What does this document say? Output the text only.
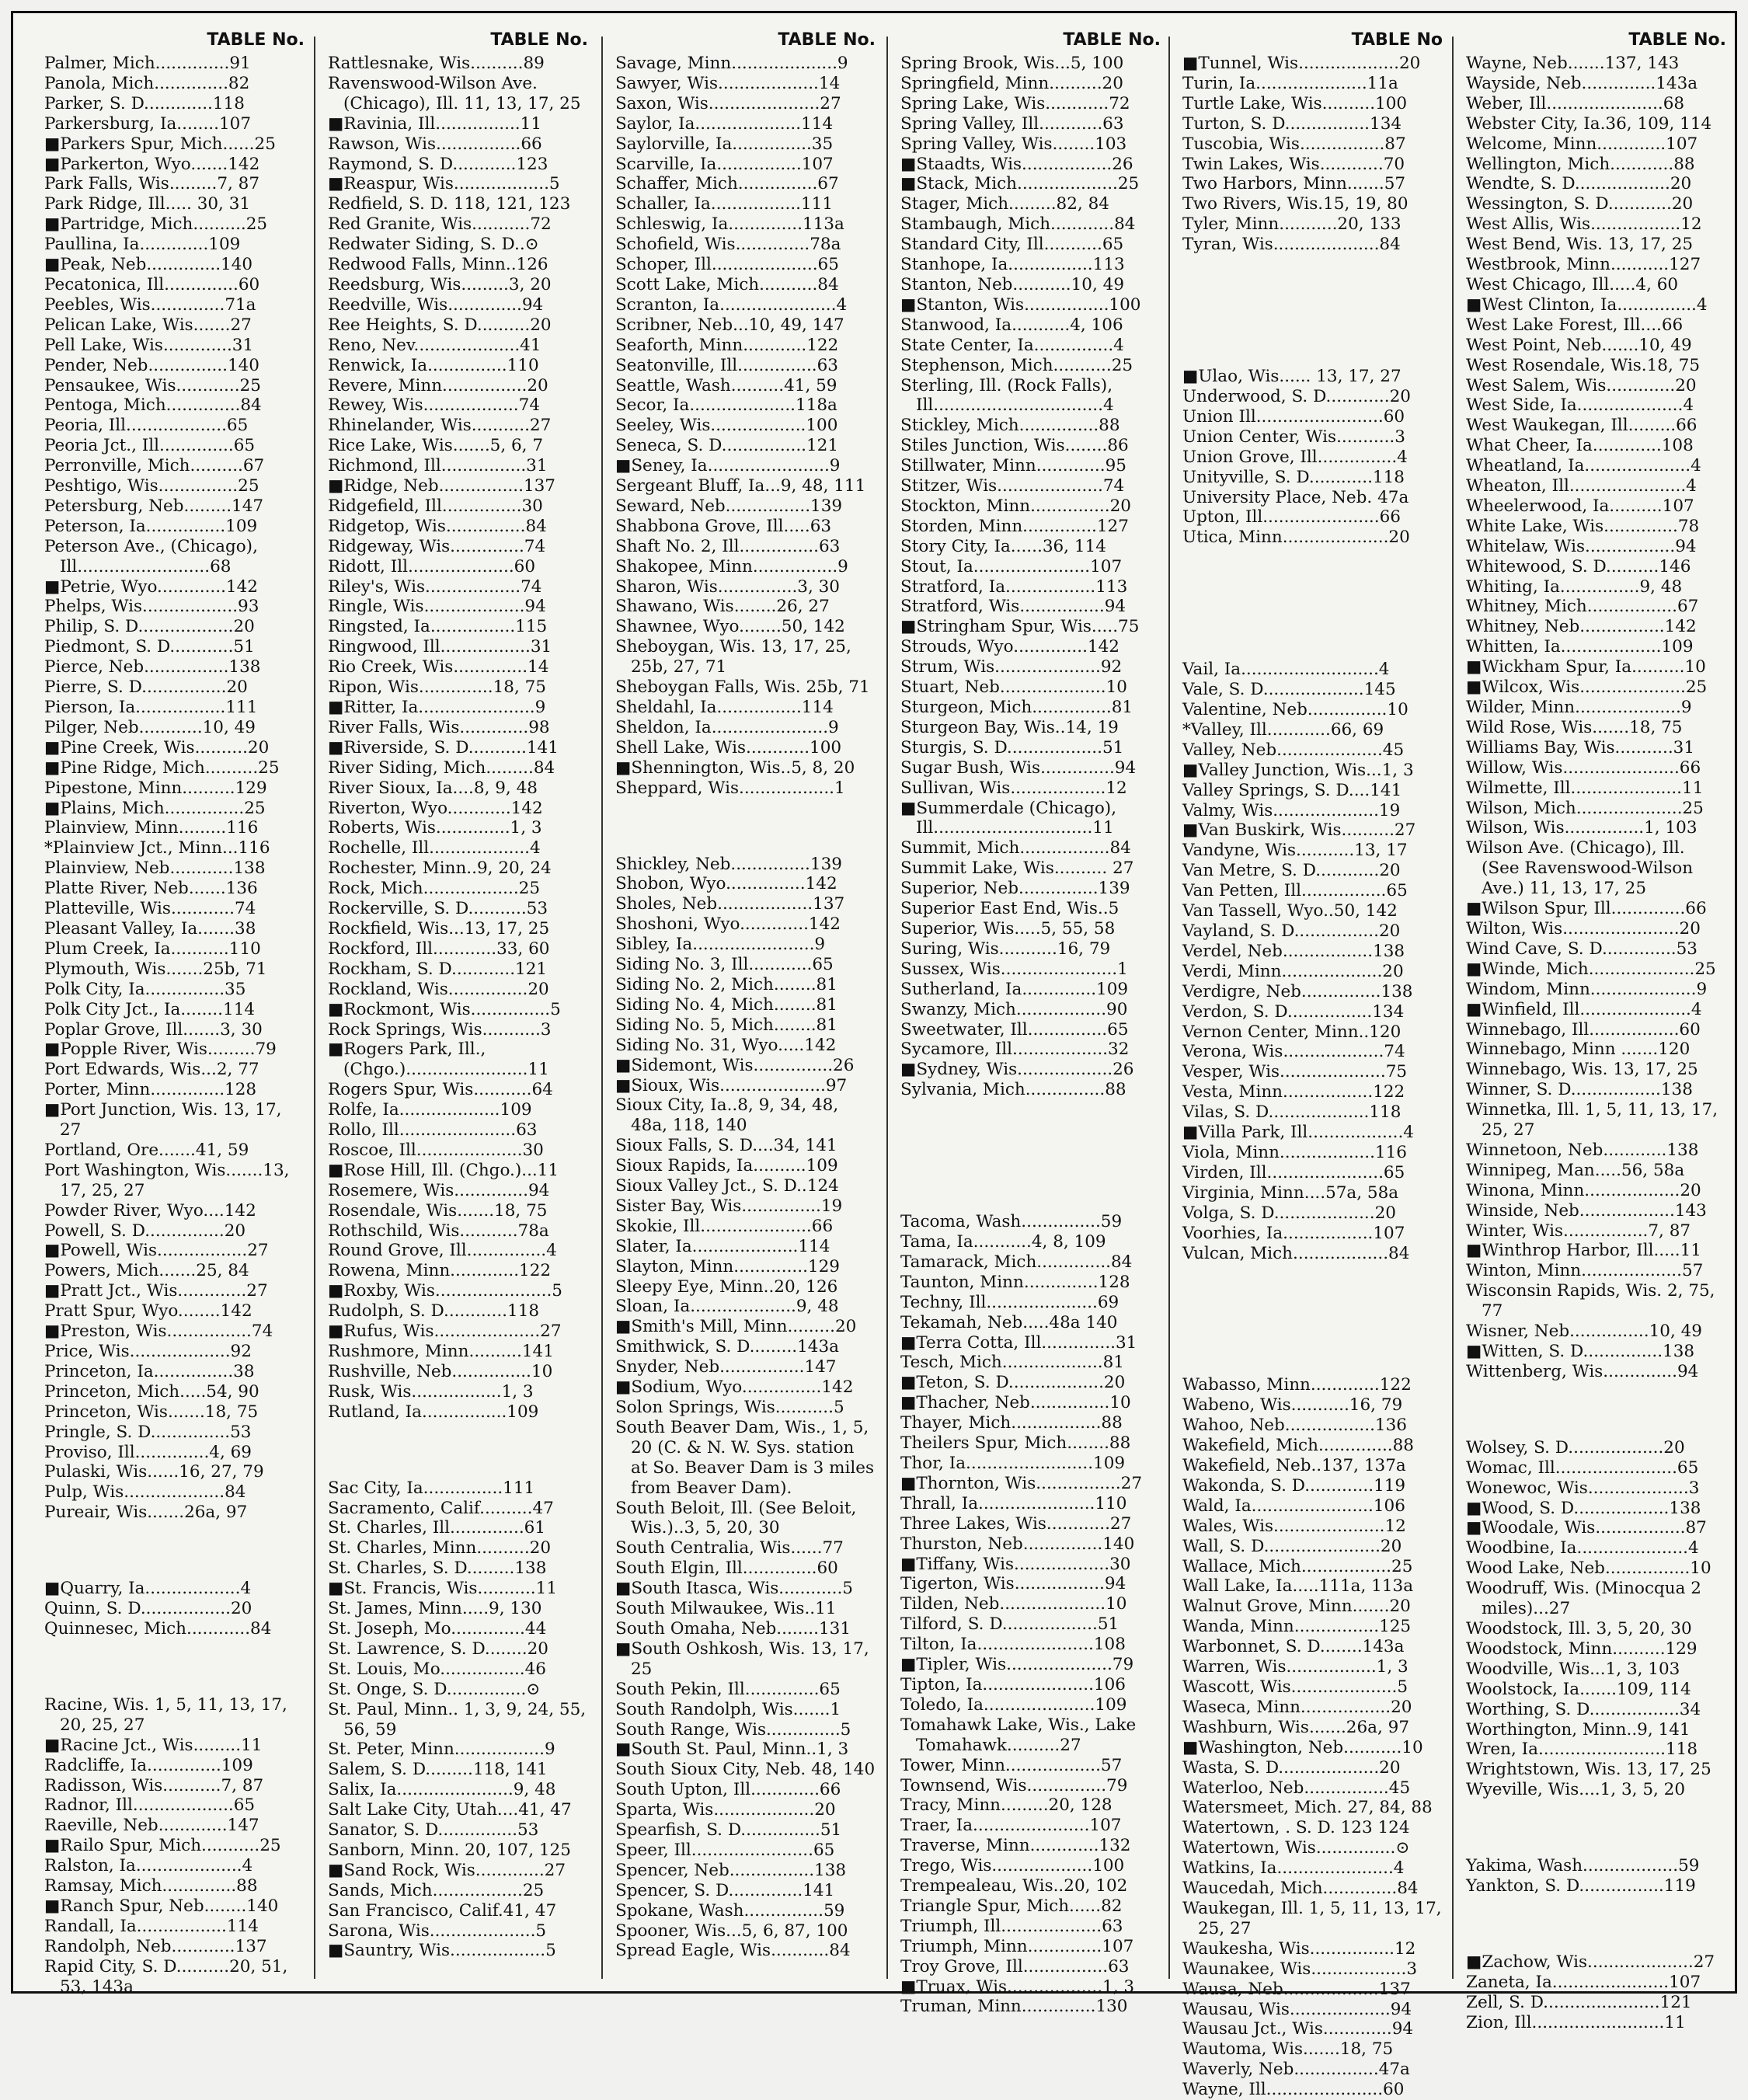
TABLE No.
Palmer, Mich..............91
Panola, Mich..............82
Parker, S. D.............118
Parkersburg, Ia........107
■Parkers Spur, Mich......25
■Parkerton, Wyo.......142
Park Falls, Wis.........7, 87
Park Ridge, Ill..... 30, 31
■Partridge, Mich..........25
Paullina, Ia.............109
■Peak, Neb..............140
Pecatonica, Ill..............60
Peebles, Wis..............71a
Pelican Lake, Wis.......27
Pell Lake, Wis.............31
Pender, Neb...............140
Pensaukee, Wis............25
Pentoga, Mich..............84
Peoria, Ill...................65
Peoria Jct., Ill..............65
Perronville, Mich..........67
Peshtigo, Wis...............25
Petersburg, Neb.........147
Peterson, Ia...............109
Peterson Ave., (Chicago), Ill.........................68
■Petrie, Wyo.............142
Phelps, Wis..................93
Philip, S. D..................20
Piedmont, S. D............51
Pierce, Neb................138
Pierre, S. D................20
Pierson, Ia.................111
Pilger, Neb............10, 49
■Pine Creek, Wis..........20
■Pine Ridge, Mich..........25
Pipestone, Minn..........129
■Plains, Mich...............25
Plainview, Minn.........116
*Plainview Jct., Minn...116
Plainview, Neb............138
Platte River, Neb.......136
Platteville, Wis............74
Pleasant Valley, Ia.......38
Plum Creek, Ia...........110
Plymouth, Wis.......25b, 71
Polk City, Ia...............35
Polk City Jct., Ia........114
Poplar Grove, Ill.......3, 30
■Popple River, Wis.........79
Port Edwards, Wis...2, 77
Porter, Minn..............128
■Port Junction, Wis. 13, 17, 27
Portland, Ore.......41, 59
Port Washington, Wis.......13, 17, 25, 27
Powder River, Wyo....142
Powell, S. D...............20
■Powell, Wis.................27
Powers, Mich.......25, 84
■Pratt Jct., Wis.............27
Pratt Spur, Wyo........142
■Preston, Wis................74
Price, Wis...................92
Princeton, Ia...............38
Princeton, Mich.....54, 90
Princeton, Wis.......18, 75
Pringle, S. D...............53
Proviso, Ill..............4, 69
Pulaski, Wis......16, 27, 79
Pulp, Wis...................84
Pureair, Wis.......26a, 97
■Quarry, Ia..................4
Quinn, S. D.................20
Quinnesec, Mich............84
Racine, Wis. 1, 5, 11, 13, 17, 20, 25, 27
■Racine Jct., Wis.........11
Radcliffe, Ia..............109
Radisson, Wis...........7, 87
Radnor, Ill...................65
Raeville, Neb.............147
■Railo Spur, Mich...........25
Ralston, Ia....................4
Ramsay, Mich..............88
■Ranch Spur, Neb........140
Randall, Ia.................114
Randolph, Neb............137
Rapid City, S. D..........20, 51, 53, 143a
TABLE No.
Rattlesnake, Wis..........89
Ravenswood-Wilson Ave. (Chicago), Ill. 11, 13, 17, 25
■Ravinia, Ill................11
Rawson, Wis................66
Raymond, S. D............123
■Reaspur, Wis..................5
Redfield, S. D. 118, 121, 123
Red Granite, Wis...........72
Redwater Siding, S. D..⊙
Redwood Falls, Minn..126
Reedsburg, Wis.........3, 20
Reedville, Wis..............94
Ree Heights, S. D..........20
Reno, Nev....................41
Renwick, Ia...............110
Revere, Minn................20
Rewey, Wis..................74
Rhinelander, Wis...........27
Rice Lake, Wis.......5, 6, 7
Richmond, Ill................31
■Ridge, Neb................137
Ridgefield, Ill...............30
Ridgetop, Wis...............84
Ridgeway, Wis..............74
Ridott, Ill....................60
Riley's, Wis..................74
Ringle, Wis...................94
Ringsted, Ia................115
Ringwood, Ill.................31
Rio Creek, Wis..............14
Ripon, Wis..............18, 75
■Ritter, Ia......................9
River Falls, Wis.............98
■Riverside, S. D...........141
River Siding, Mich.........84
River Sioux, Ia....8, 9, 48
Riverton, Wyo............142
Roberts, Wis..............1, 3
Rochelle, Ill...................4
Rochester, Minn..9, 20, 24
Rock, Mich..................25
Rockerville, S. D...........53
Rockfield, Wis...13, 17, 25
Rockford, Ill............33, 60
Rockham, S. D............121
Rockland, Wis...............20
■Rockmont, Wis...............5
Rock Springs, Wis...........3
■Rogers Park, Ill., (Chgo.).......................11
Rogers Spur, Wis...........64
Rolfe, Ia...................109
Rollo, Ill......................63
Roscoe, Ill....................30
■Rose Hill, Ill. (Chgo.)...11
Rosemere, Wis..............94
Rosendale, Wis.......18, 75
Rothschild, Wis...........78a
Round Grove, Ill...............4
Rowena, Minn.............122
■Roxby, Wis......................5
Rudolph, S. D............118
■Rufus, Wis....................27
Rushmore, Minn..........141
Rushville, Neb...............10
Rusk, Wis.................1, 3
Rutland, Ia................109
Sac City, Ia...............111
Sacramento, Calif..........47
St. Charles, Ill..............61
St. Charles, Minn..........20
St. Charles, S. D.........138
■St. Francis, Wis...........11
St. James, Minn.....9, 130
St. Joseph, Mo..............44
St. Lawrence, S. D........20
St. Louis, Mo................46
St. Onge, S. D...............⊙
St. Paul, Minn.. 1, 3, 9, 24, 55, 56, 59
St. Peter, Minn.................9
Salem, S. D.........118, 141
Salix, Ia......................9, 48
Salt Lake City, Utah....41, 47
Sanator, S. D...............53
Sanborn, Minn. 20, 107, 125
■Sand Rock, Wis.............27
Sands, Mich.................25
San Francisco, Calif.41, 47
Sarona, Wis....................5
■Sauntry, Wis..................5
TABLE No.
Savage, Minn....................9
Sawyer, Wis...................14
Saxon, Wis.....................27
Saylor, Ia....................114
Saylorville, Ia...............35
Scarville, Ia................107
Schaffer, Mich...............67
Schaller, Ia.................111
Schleswig, Ia..............113a
Schofield, Wis..............78a
Schoper, Ill....................65
Scott Lake, Mich...........84
Scranton, Ia......................4
Scribner, Neb...10, 49, 147
Seaforth, Minn............122
Seatonville, Ill...............63
Seattle, Wash..........41, 59
Secor, Ia....................118a
Seeley, Wis..................100
Seneca, S. D................121
■Seney, Ia.......................9
Sergeant Bluff, Ia...9, 48, 111
Seward, Neb................139
Shabbona Grove, Ill.....63
Shaft No. 2, Ill...............63
Shakopee, Minn................9
Sharon, Wis...............3, 30
Shawano, Wis........26, 27
Shawnee, Wyo........50, 142
Sheboygan, Wis. 13, 17, 25, 25b, 27, 71
Sheboygan Falls, Wis. 25b, 71
Sheldahl, Ia................114
Sheldon, Ia......................9
Shell Lake, Wis............100
■Shennington, Wis..5, 8, 20
Sheppard, Wis..................1
Shickley, Neb...............139
Shobon, Wyo...............142
Sholes, Neb..................137
Shoshoni, Wyo.............142
Sibley, Ia.......................9
Siding No. 3, Ill............65
Siding No. 2, Mich........81
Siding No. 4, Mich........81
Siding No. 5, Mich........81
Siding No. 31, Wyo.....142
■Sidemont, Wis...............26
■Sioux, Wis....................97
Sioux City, Ia..8, 9, 34, 48, 48a, 118, 140
Sioux Falls, S. D....34, 141
Sioux Rapids, Ia..........109
Sioux Valley Jct., S. D..124
Sister Bay, Wis...............19
Skokie, Ill.....................66
Slater, Ia....................114
Slayton, Minn..............129
Sleepy Eye, Minn..20, 126
Sloan, Ia....................9, 48
■Smith's Mill, Minn.........20
Smithwick, S. D.........143a
Snyder, Neb................147
■Sodium, Wyo...............142
Solon Springs, Wis...........5
South Beaver Dam, Wis., 1, 5, 20 (C. & N. W. Sys. station at So. Beaver Dam is 3 miles from Beaver Dam).
South Beloit, Ill. (See Beloit, Wis.)..3, 5, 20, 30
South Centralia, Wis......77
South Elgin, Ill..............60
■South Itasca, Wis............5
South Milwaukee, Wis..11
South Omaha, Neb........131
■South Oshkosh, Wis. 13, 17, 25
South Pekin, Ill..............65
South Randolph, Wis.......1
South Range, Wis..............5
■South St. Paul, Minn..1, 3
South Sioux City, Neb. 48, 140
South Upton, Ill.............66
Sparta, Wis...................20
Spearfish, S. D...............51
Speer, Ill.......................65
Spencer, Neb................138
Spencer, S. D..............141
Spokane, Wash...............59
Spooner, Wis...5, 6, 87, 100
Spread Eagle, Wis...........84
TABLE No.
Spring Brook, Wis...5, 100
Springfield, Minn..........20
Spring Lake, Wis............72
Spring Valley, Ill............63
Spring Valley, Wis........103
■Staadts, Wis.................26
■Stack, Mich...................25
Stager, Mich.........82, 84
Stambaugh, Mich............84
Standard City, Ill...........65
Stanhope, Ia................113
Stanton, Neb...........10, 49
■Stanton, Wis................100
Stanwood, Ia...........4, 106
State Center, Ia...............4
Stephenson, Mich...........25
Sterling, Ill. (Rock Falls), Ill................................4
Stickley, Mich...............88
Stiles Junction, Wis........86
Stillwater, Minn.............95
Stitzer, Wis....................74
Stockton, Minn...............20
Storden, Minn..............127
Story City, Ia......36, 114
Stout, Ia......................107
Stratford, Ia.................113
Stratford, Wis................94
■Stringham Spur, Wis.....75
Strouds, Wyo..............142
Strum, Wis....................92
Stuart, Neb....................10
Sturgeon, Mich...............81
Sturgeon Bay, Wis..14, 19
Sturgis, S. D..................51
Sugar Bush, Wis..............94
Sullivan, Wis..................12
■Summerdale (Chicago), Ill..............................11
Summit, Mich.................84
Summit Lake, Wis.......... 27
Superior, Neb...............139
Superior East End, Wis..5
Superior, Wis.....5, 55, 58
Suring, Wis...........16, 79
Sussex, Wis......................1
Sutherland, Ia..............109
Swanzy, Mich.................90
Sweetwater, Ill...............65
Sycamore, Ill..................32
■Sydney, Wis..................26
Sylvania, Mich...............88
Tacoma, Wash...............59
Tama, Ia...........4, 8, 109
Tamarack, Mich..............84
Taunton, Minn..............128
Techny, Ill.....................69
Tekamah, Neb.....48a 140
■Terra Cotta, Ill..............31
Tesch, Mich...................81
■Teton, S. D..................20
■Thacher, Neb...............10
Thayer, Mich.................88
Theilers Spur, Mich........88
Thor, Ia........................109
■Thornton, Wis................27
Thrall, Ia......................110
Three Lakes, Wis............27
Thurston, Neb...............140
■Tiffany, Wis..................30
Tigerton, Wis.................94
Tilden, Neb....................10
Tilford, S. D..................51
Tilton, Ia......................108
■Tipler, Wis....................79
Tipton, Ia.....................106
Toledo, Ia.....................109
Tomahawk Lake, Wis., Lake Tomahawk..........27
Tower, Minn..................57
Townsend, Wis...............79
Tracy, Minn.........20, 128
Traer, Ia......................107
Traverse, Minn.............132
Trego, Wis...................100
Trempealeau, Wis..20, 102
Triangle Spur, Mich......82
Triumph, Ill...................63
Triumph, Minn..............107
Troy Grove, Ill................63
■Truax, Wis..................1, 3
Truman, Minn..............130
TABLE No
■Tunnel, Wis...................20
Turin, Ia.....................11a
Turtle Lake, Wis..........100
Turton, S. D................134
Tuscobia, Wis................87
Twin Lakes, Wis............70
Two Harbors, Minn.......57
Two Rivers, Wis.15, 19, 80
Tyler, Minn...........20, 133
Tyran, Wis....................84
■Ulao, Wis...... 13, 17, 27
Underwood, S. D............20
Union Ill........................60
Union Center, Wis...........3
Union Grove, Ill...............4
Unityville, S. D............118
University Place, Neb. 47a
Upton, Ill......................66
Utica, Minn....................20
Vail, Ia..........................4
Vale, S. D...................145
Valentine, Neb...............10
*Valley, Ill............66, 69
Valley, Neb....................45
■Valley Junction, Wis...1, 3
Valley Springs, S. D....141
Valmy, Wis....................19
■Van Buskirk, Wis..........27
Vandyne, Wis...........13, 17
Van Metre, S. D............20
Van Petten, Ill................65
Van Tassell, Wyo..50, 142
Vayland, S. D................20
Verdel, Neb.................138
Verdi, Minn...................20
Verdigre, Neb...............138
Verdon, S. D................134
Vernon Center, Minn..120
Verona, Wis...................74
Vesper, Wis....................75
Vesta, Minn.................122
Vilas, S. D...................118
■Villa Park, Ill..................4
Viola, Minn..................116
Virden, Ill......................65
Virginia, Minn....57a, 58a
Volga, S. D...................20
Voorhies, Ia.................107
Vulcan, Mich..................84
Wabasso, Minn.............122
Wabeno, Wis...........16, 79
Wahoo, Neb.................136
Wakefield, Mich..............88
Wakefield, Neb..137, 137a
Wakonda, S. D.............119
Wald, Ia.......................106
Wales, Wis.....................12
Wall, S. D......................20
Wallace, Mich.................25
Wall Lake, Ia.....111a, 113a
Walnut Grove, Minn.......20
Wanda, Minn................125
Warbonnet, S. D........143a
Warren, Wis.................1, 3
Wascott, Wis....................5
Waseca, Minn.................20
Washburn, Wis.......26a, 97
■Washington, Neb...........10
Wasta, S. D...................20
Waterloo, Neb................45
Watersmeet, Mich. 27, 84, 88
Watertown, . S. D. 123 124
Watertown, Wis...............⊙
Watkins, Ia......................4
Waucedah, Mich..............84
Waukegan, Ill. 1, 5, 11, 13, 17, 25, 27
Waukesha, Wis................12
Waunakee, Wis..................3
Wausa, Neb..................137
Wausau, Wis...................94
Wausau Jct., Wis.............94
Wautoma, Wis.......18, 75
Waverly, Neb................47a
Wayne, Ill......................60
TABLE No.
Wayne, Neb.......137, 143
Wayside, Neb..............143a
Weber, Ill......................68
Webster City, Ia.36, 109, 114
Welcome, Minn.............107
Wellington, Mich............88
Wendte, S. D..................20
Wessington, S. D............20
West Allis, Wis.................12
West Bend, Wis. 13, 17, 25
Westbrook, Minn...........127
West Chicago, Ill.....4, 60
■West Clinton, Ia...............4
West Lake Forest, Ill....66
West Point, Neb.......10, 49
West Rosendale, Wis.18, 75
West Salem, Wis.............20
West Side, Ia....................4
West Waukegan, Ill.........66
What Cheer, Ia.............108
Wheatland, Ia....................4
Wheaton, Ill......................4
Wheelerwood, Ia..........107
White Lake, Wis..............78
Whitelaw, Wis.................94
Whitewood, S. D..........146
Whiting, Ia...............9, 48
Whitney, Mich.................67
Whitney, Neb................142
Whitten, Ia...................109
■Wickham Spur, Ia..........10
■Wilcox, Wis....................25
Wilder, Minn....................9
Wild Rose, Wis.......18, 75
Williams Bay, Wis...........31
Willow, Wis......................66
Wilmette, Ill.....................11
Wilson, Mich....................25
Wilson, Wis...............1, 103
Wilson Ave. (Chicago), Ill. (See Ravenswood-Wilson Ave.) 11, 13, 17, 25
■Wilson Spur, Ill..............66
Wilton, Wis......................20
Wind Cave, S. D..............53
■Winde, Mich....................25
Windom, Minn....................9
■Winfield, Ill.....................4
Winnebago, Ill.................60
Winnebago, Minn .......120
Winnebago, Wis. 13, 17, 25
Winner, S. D.................138
Winnetka, Ill. 1, 5, 11, 13, 17, 25, 27
Winnetoon, Neb............138
Winnipeg, Man.....56, 58a
Winona, Minn..................20
Winside, Neb..................143
Winter, Wis................7, 87
■Winthrop Harbor, Ill.....11
Winton, Minn...................57
Wisconsin Rapids, Wis. 2, 75, 77
Wisner, Neb...............10, 49
■Witten, S. D...............138
Wittenberg, Wis..............94
Wolsey, S. D..................20
Womac, Ill.......................65
Wonewoc, Wis...................3
■Wood, S. D..................138
■Woodale, Wis.................87
Woodbine, Ia.....................4
Wood Lake, Neb................10
Woodruff, Wis. (Minocqua 2 miles)...27
Woodstock, Ill. 3, 5, 20, 30
Woodstock, Minn..........129
Woodville, Wis...1, 3, 103
Woolstock, Ia.......109, 114
Worthing, S. D.................34
Worthington, Minn..9, 141
Wren, Ia........................118
Wrightstown, Wis. 13, 17, 25
Wyeville, Wis....1, 3, 5, 20
Yakima, Wash..................59
Yankton, S. D................119
■Zachow, Wis....................27
Zaneta, Ia......................107
Zell, S. D......................121
Zion, Ill.........................11
